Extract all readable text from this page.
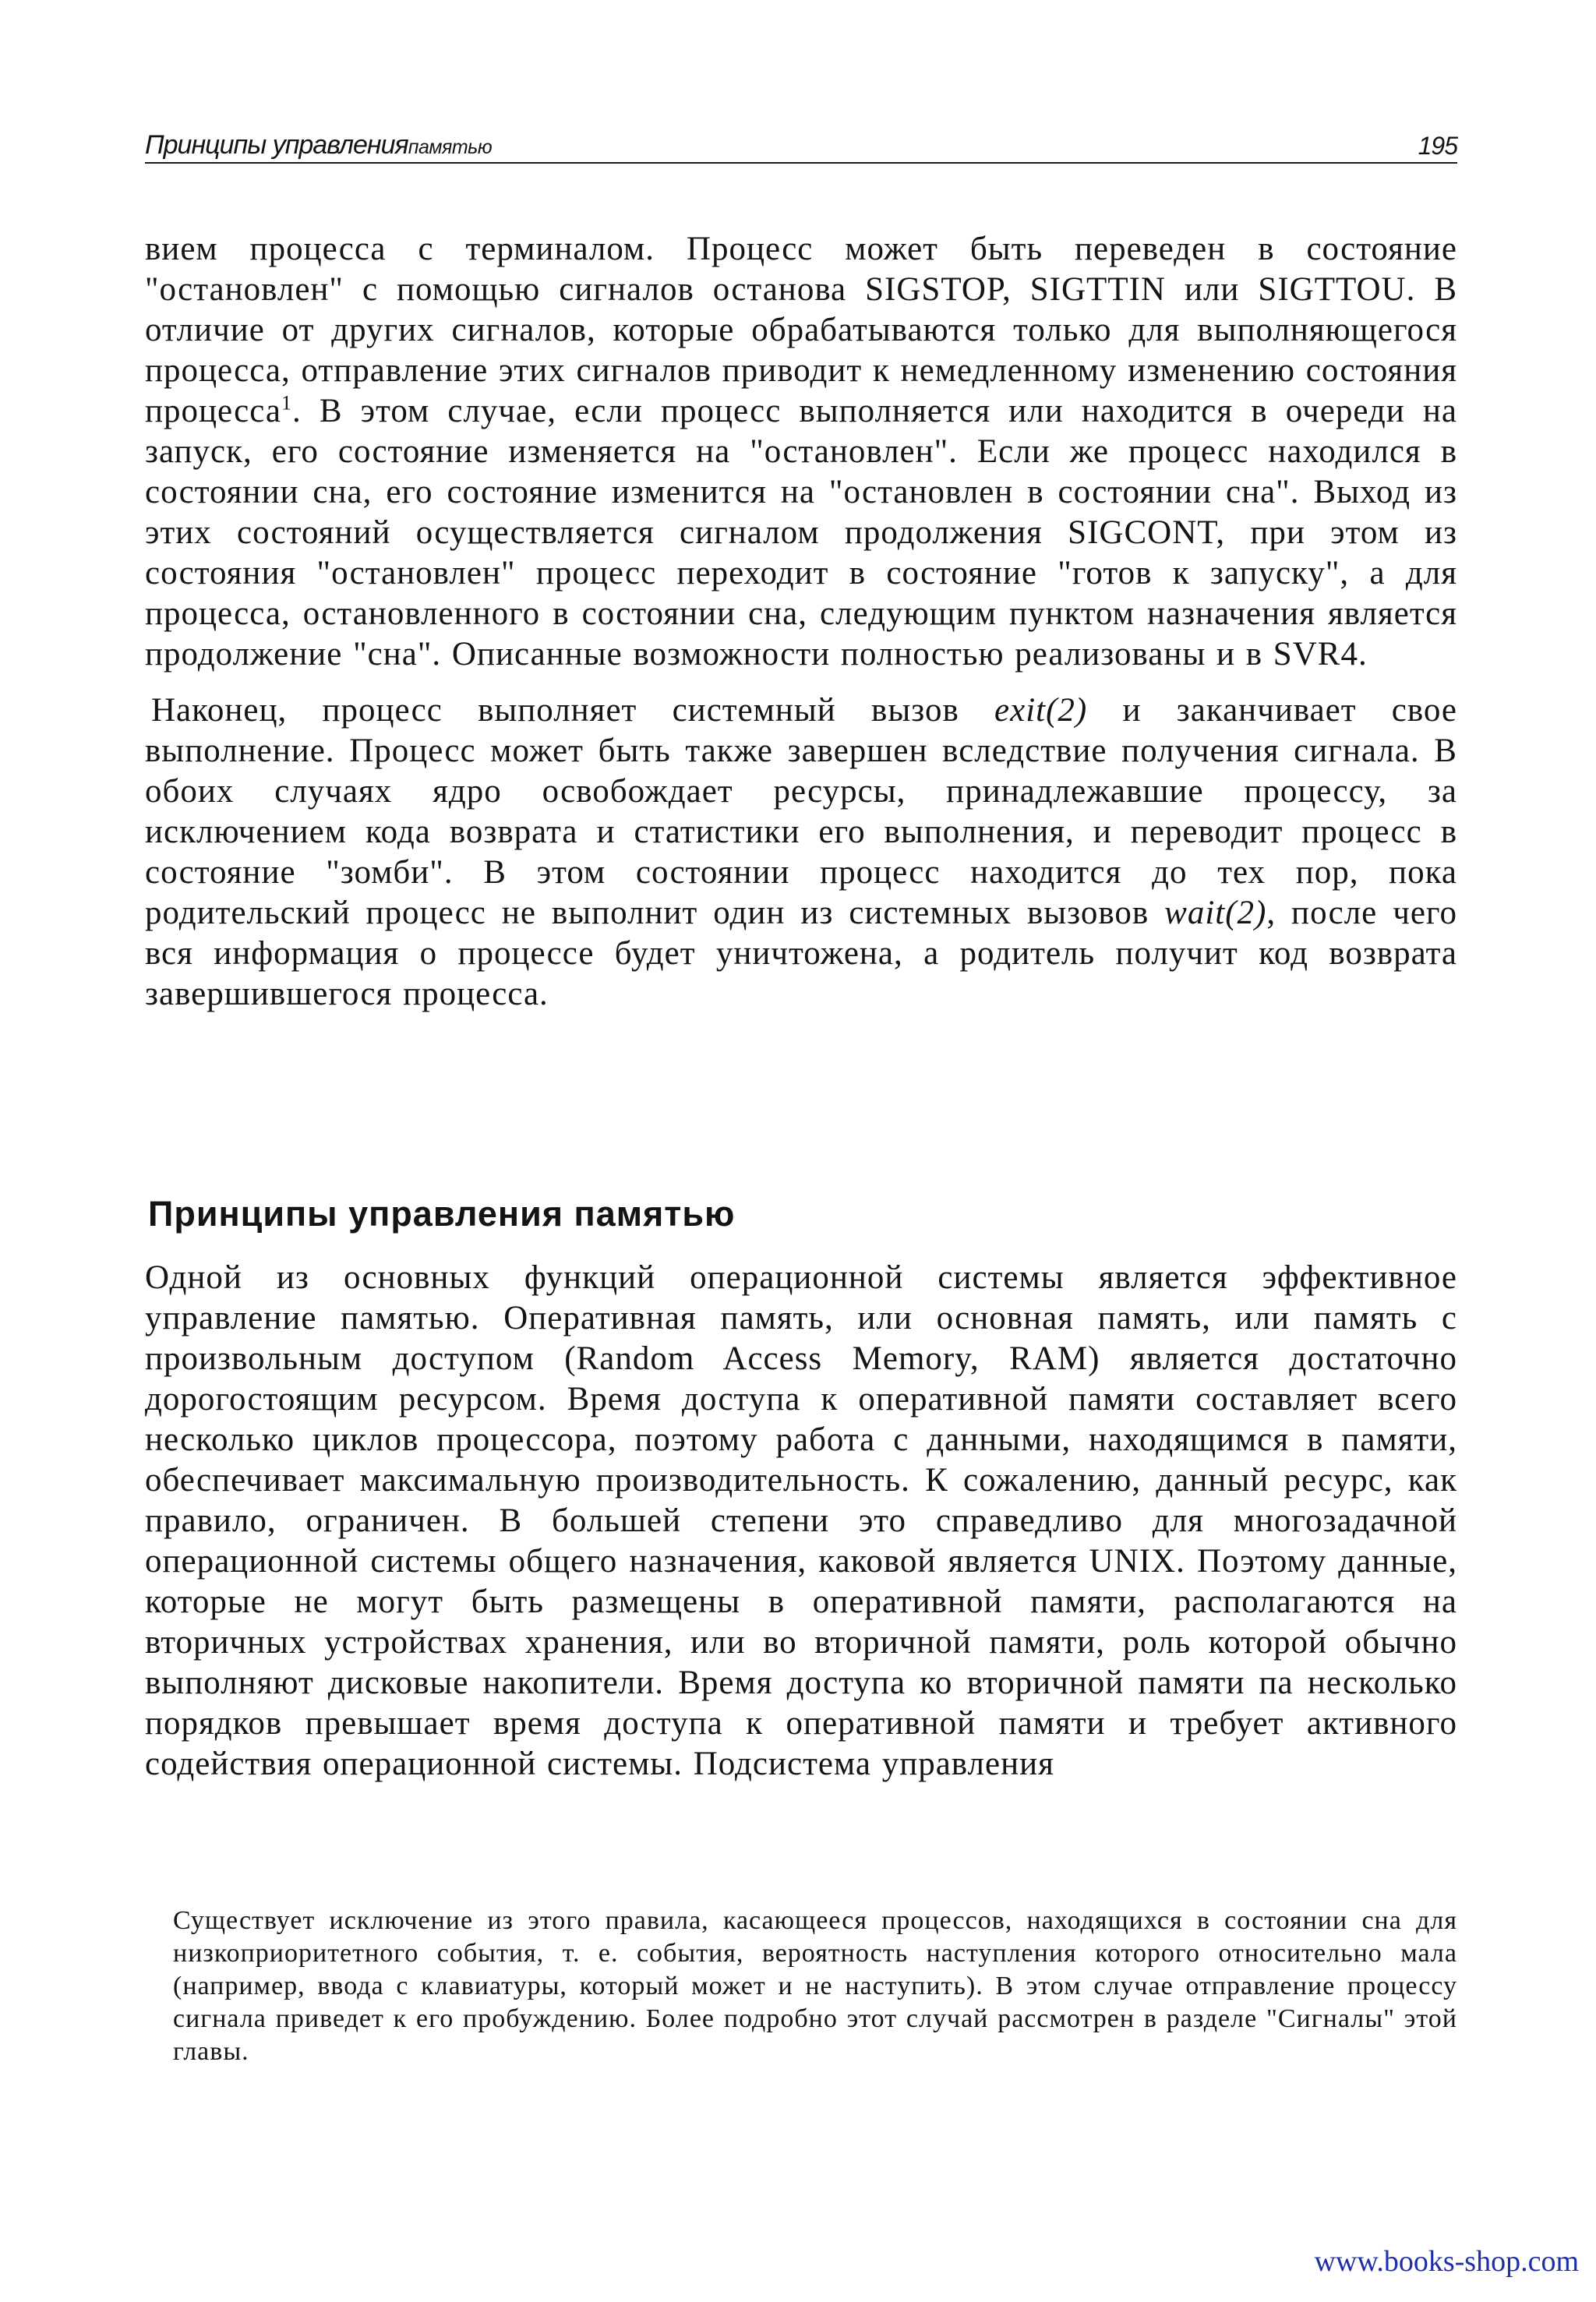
Принципы управленияпамятью	195

вием процесса с терминалом. Процесс может быть переведен в состояние "остановлен" с помощью сигналов останова SIGSTOP, SIGTTIN или SIGTTOU. В отличие от других сигналов, которые обрабатываются только для выполняющегося процесса, отправление этих сигналов приводит к немедленному изменению состояния процесса$^1$. В этом случае, если процесс выполняется или находится в очереди на запуск, его состояние изменяется на "остановлен". Если же процесс находился в состоянии сна, его состояние изменится на "остановлен в состоянии сна". Выход из этих состояний осуществляется сигналом продолжения SIGCONT, при этом из состояния "остановлен" процесс переходит в состояние "готов к запуску", а для процесса, остановленного в состоянии сна, следующим пунктом назначения является продолжение "сна". Описанные возможности полностью реализованы и в SVR4.

Наконец, процесс выполняет системный вызов exit(2) и заканчивает свое выполнение. Процесс может быть также завершен вследствие получения сигнала. В обоих случаях ядро освобождает ресурсы, принадлежавшие процессу, за исключением кода возврата и статистики его выполнения, и переводит процесс в состояние "зомби". В этом состоянии процесс находится до тех пор, пока родительский процесс не выполнит один из системных вызовов wait(2), после чего вся информация о процессе будет уничтожена, а родитель получит код возврата завершившегося процесса.

Принципы управления памятью

Одной из основных функций операционной системы является эффективное управление памятью. Оперативная память, или основная память, или память с произвольным доступом (Random Access Memory, RAM) является достаточно дорогостоящим ресурсом. Время доступа к оперативной памяти составляет всего несколько циклов процессора, поэтому работа с данными, находящимся в памяти, обеспечивает максимальную производительность. К сожалению, данный ресурс, как правило, ограничен. В большей степени это справедливо для многозадачной операционной системы общего назначения, каковой является UNIX. Поэтому данные, которые не могут быть размещены в оперативной памяти, располагаются на вторичных устройствах хранения, или во вторичной памяти, роль которой обычно выполняют дисковые накопители. Время доступа ко вторичной памяти па несколько порядков превышает время доступа к оперативной памяти и требует активного содействия операционной системы. Подсистема управления

Существует исключение из этого правила, касающееся процессов, находящихся в состоянии сна для низкоприоритетного события, т. е. события, вероятность наступления которого относительно мала (например, ввода с клавиатуры, который может и не наступить). В этом случае отправление процессу сигнала приведет к его пробуждению. Более подробно этот случай рассмотрен в разделе "Сигналы" этой главы.

www.books-shop.com
